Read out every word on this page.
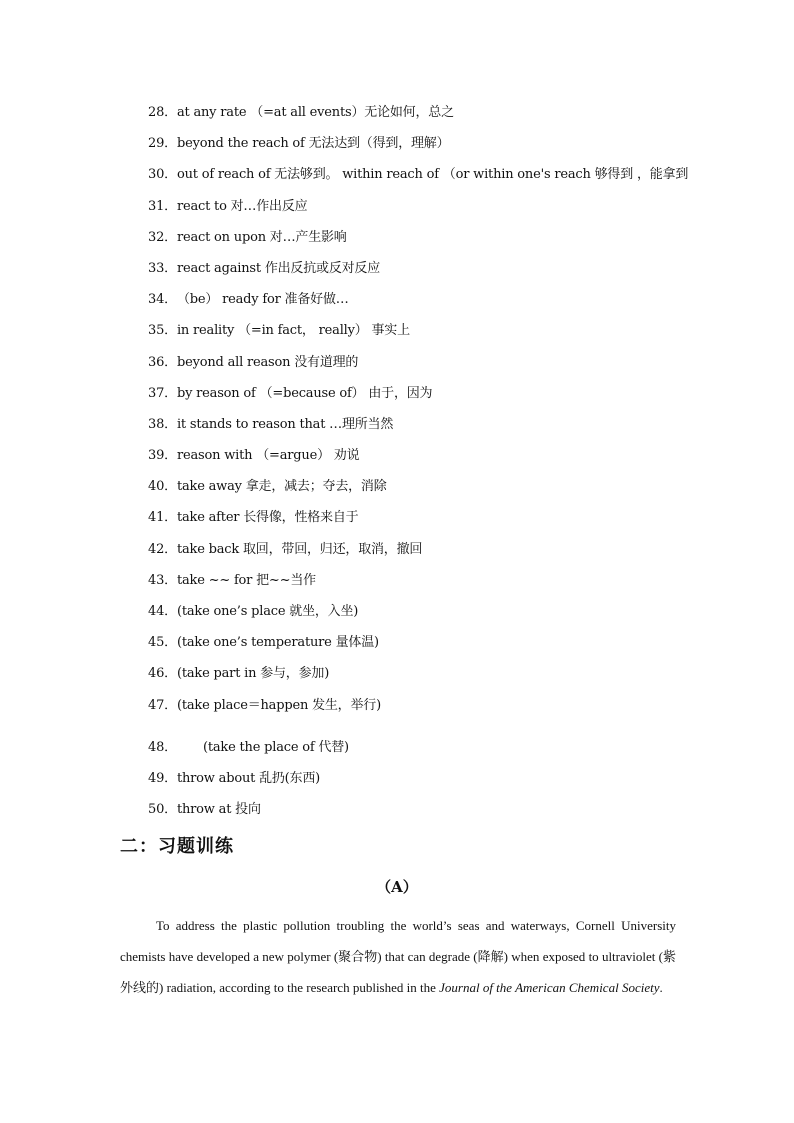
28．at any rate （=at all events）无论如何，总之
29．beyond the reach of 无法达到（得到，理解）
30．out of reach of 无法够到。 within reach of （or within one's reach 够得到 ，能拿到
31．react to 对…作出反应
32．react on upon 对…产生影响
33．react against 作出反抗或反对反应
34．（be） ready for 准备好做…
35．in reality （=in fact， really） 事实上
36．beyond all reason 没有道理的
37．by reason of （=because of） 由于，因为
38．it stands to reason that …理所当然
39．reason with （=argue） 劝说
40．take away 拿走，减去；夺去，消除
41．take after 长得像，性格来自于
42．take back 取回，带回，归还，取消，撤回
43．take ~~ for 把~~当作
44．(take one’s place 就坐，入坐)
45．(take one’s temperature 量体温)
46．(take part in 参与，参加)
47．(take place＝happen 发生，举行)
48． (take the place of 代替)
49．throw about 乱扔(东西)
50．throw at 投向
二：习题训练
（A）
To address the plastic pollution troubling the world’s seas and waterways, Cornell University chemists have developed a new polymer (聚合物) that can degrade (降解) when exposed to ultraviolet (紫外线的) radiation, according to the research published in the Journal of the American Chemical Society.
